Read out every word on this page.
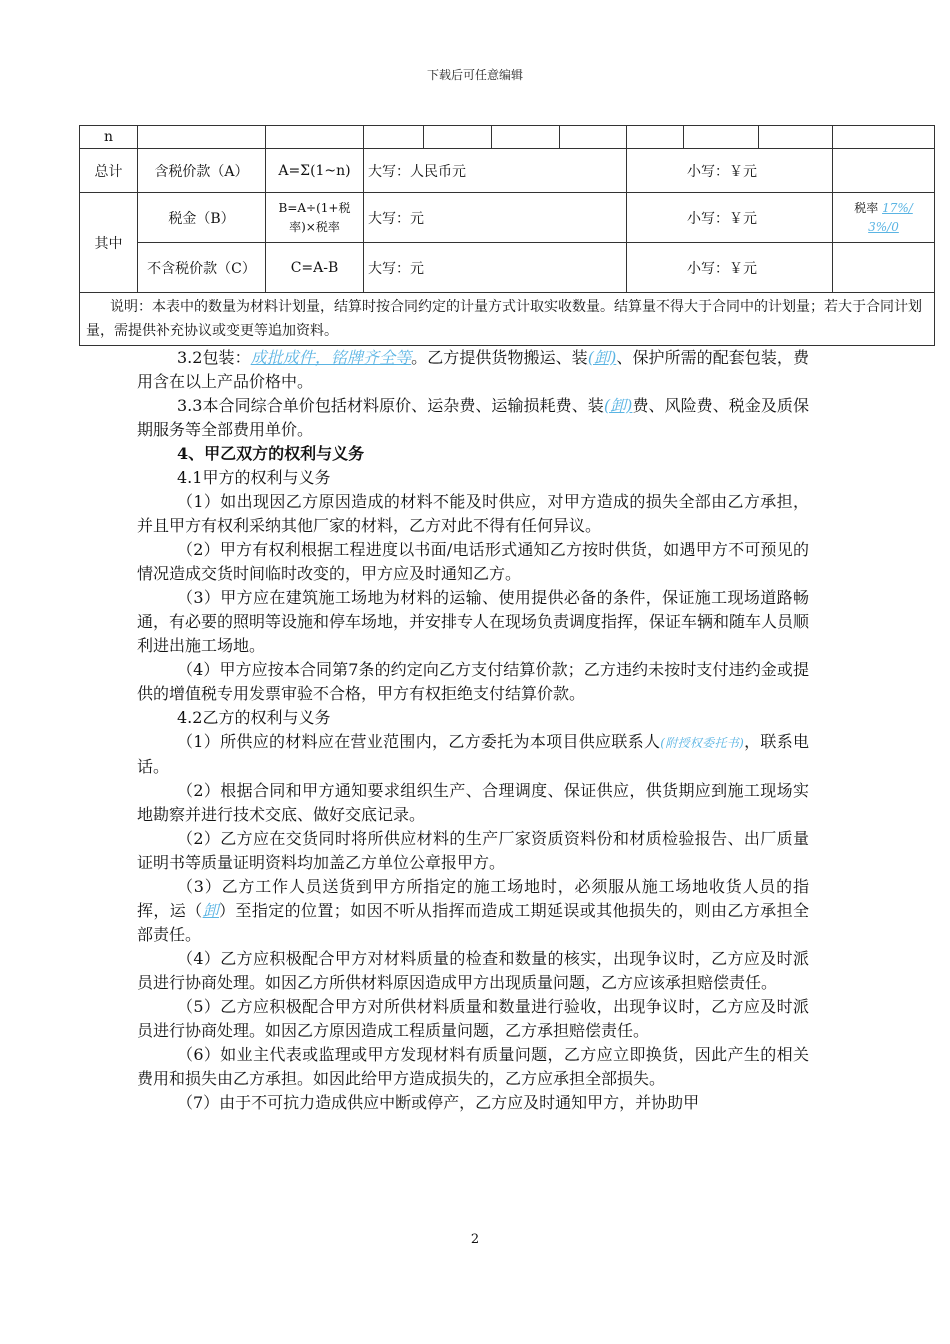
下载后可任意编辑
n										
总计	含税价款（A）	A=Σ(1~n)	大写：人民币元				小写：￥元			
其中	税金（B）	B=A÷(1+税率)×税率	大写：元				小写：￥元			税率 17%/ 3%/0
	不含税价款（C）	C=A-B	大写：元				小写：￥元			
说明：本表中的数量为材料计划量，结算时按合同约定的计量方式计取实收数量。结算量不得大于合同中的计划量；若大于合同计划量，需提供补充协议或变更等追加资料。										

3.2包装：成批成件，铭牌齐全等。乙方提供货物搬运、装(卸)、保护所需的配套包装，费用含在以上产品价格中。

3.3本合同综合单价包括材料原价、运杂费、运输损耗费、装(卸)费、风险费、税金及质保期服务等全部费用单价。

4、甲乙双方的权利与义务

4.1甲方的权利与义务

（1）如出现因乙方原因造成的材料不能及时供应，对甲方造成的损失全部由乙方承担，并且甲方有权利采纳其他厂家的材料，乙方对此不得有任何异议。

（2）甲方有权利根据工程进度以书面/电话形式通知乙方按时供货，如遇甲方不可预见的情况造成交货时间临时改变的，甲方应及时通知乙方。

（3）甲方应在建筑施工场地为材料的运输、使用提供必备的条件，保证施工现场道路畅通，有必要的照明等设施和停车场地，并安排专人在现场负责调度指挥，保证车辆和随车人员顺利进出施工场地。

（4）甲方应按本合同第7条的约定向乙方支付结算价款；乙方违约未按时支付违约金或提供的增值税专用发票审验不合格，甲方有权拒绝支付结算价款。

4.2乙方的权利与义务

（1）所供应的材料应在营业范围内，乙方委托为本项目供应联系人(附授权委托书)，联系电话。

（2）根据合同和甲方通知要求组织生产、合理调度、保证供应，供货期应到施工现场实地勘察并进行技术交底、做好交底记录。

（2）乙方应在交货同时将所供应材料的生产厂家资质资料份和材质检验报告、出厂质量证明书等质量证明资料均加盖乙方单位公章报甲方。

（3）乙方工作人员送货到甲方所指定的施工场地时，必须服从施工场地收货人员的指挥，运（卸）至指定的位置；如因不听从指挥而造成工期延误或其他损失的，则由乙方承担全部责任。

（4）乙方应积极配合甲方对材料质量的检查和数量的核实，出现争议时，乙方应及时派员进行协商处理。如因乙方所供材料原因造成甲方出现质量问题，乙方应该承担赔偿责任。

（5）乙方应积极配合甲方对所供材料质量和数量进行验收，出现争议时，乙方应及时派员进行协商处理。如因乙方原因造成工程质量问题，乙方承担赔偿责任。

（6）如业主代表或监理或甲方发现材料有质量问题，乙方应立即换货，因此产生的相关费用和损失由乙方承担。如因此给甲方造成损失的，乙方应承担全部损失。

（7）由于不可抗力造成供应中断或停产，乙方应及时通知甲方，并协助甲

2
